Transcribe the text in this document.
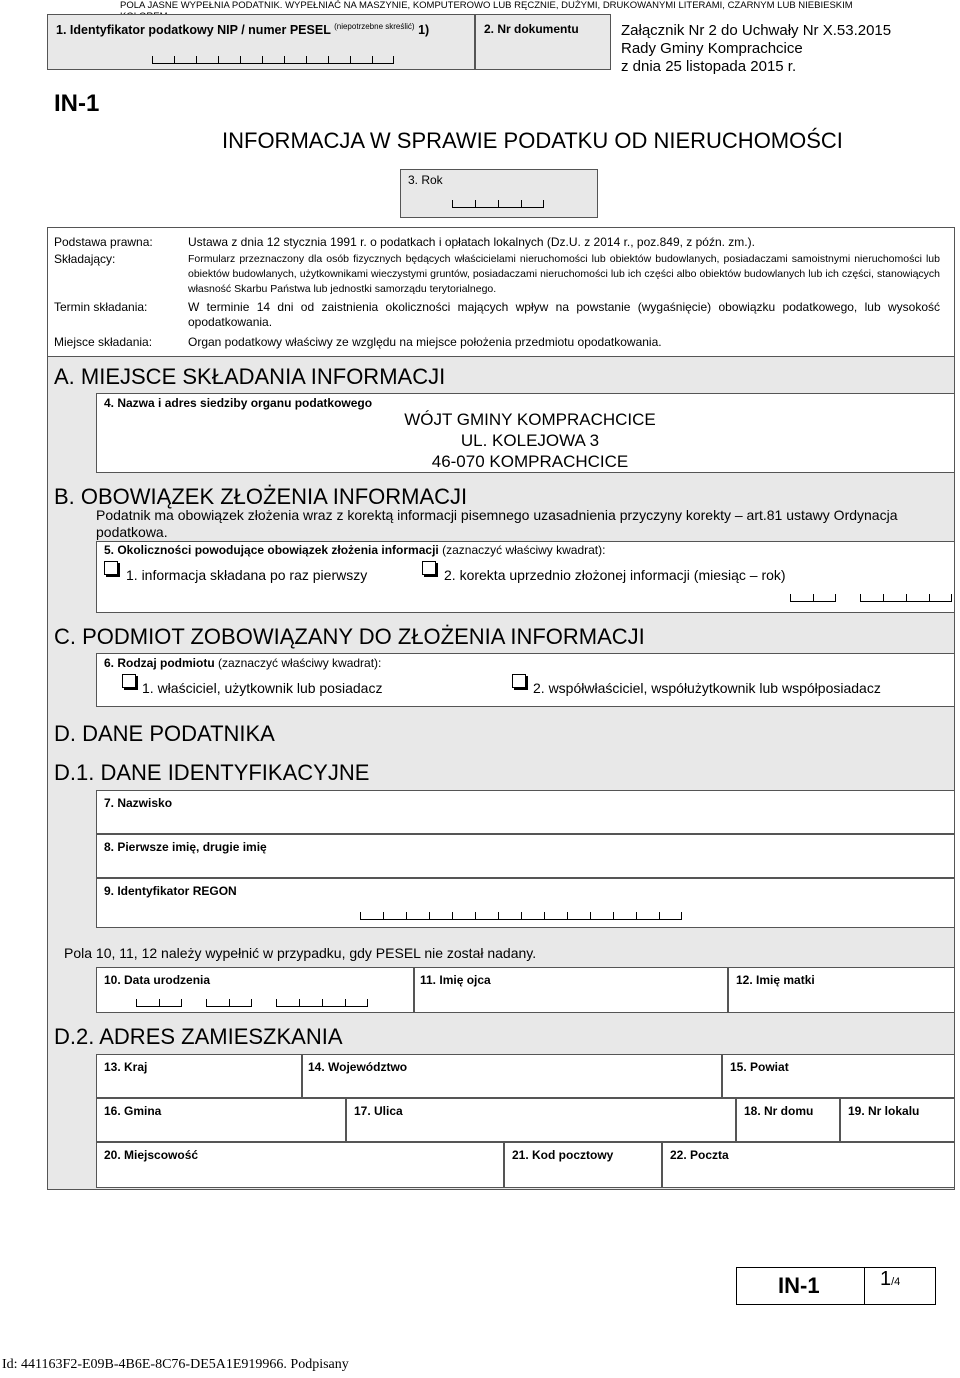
POLA JASNE WYPEŁNIA PODATNIK. WYPEŁNIAĆ NA MASZYNIE, KOMPUTEROWO LUB RĘCZNIE, DUŻYMI, DRUKOWANYMI LITERAMI, CZARNYM LUB NIEBIESKIM
1. Identyfikator podatkowy NIP / numer PESEL $^{(niepotrzebne skreślić)}$ 1)	2. Nr dokumentu	Załącznik Nr 2 do Uchwały Nr X.53.2015
Rady Gminy Komprachcice
z dnia 25 listopada 2015 r.
IN-1
INFORMACJA W SPRAWIE PODATKU OD NIERUCHOMOŚCI
3. Rok
Podstawa prawna:	Ustawa z dnia 12 stycznia 1991 r. o podatkach i opłatach lokalnych (Dz.U. z 2014 r., poz.849, z późn. zm.).
Składający:	Formularz przeznaczony dla osób fizycznych będących właścicielami nieruchomości lub obiektów budowlanych, posiadaczami samoistnymi nieruchomości lub obiektów budowlanych, użytkownikami wieczystymi gruntów, posiadaczami nieruchomości lub ich części albo obiektów budowlanych lub ich części, stanowiących własność Skarbu Państwa lub jednostki samorządu terytorialnego.
Termin składania:	W terminie 14 dni od zaistnienia okoliczności mających wpływ na powstanie (wygaśnięcie) obowiązku podatkowego, lub wysokość opodatkowania.
Miejsce składania:	Organ podatkowy właściwy ze względu na miejsce położenia przedmiotu opodatkowania.
A. MIEJSCE SKŁADANIA INFORMACJI
4. Nazwa i adres siedziby organu podatkowego
WÓJT GMINY KOMPRACHCICE
UL. KOLEJOWA 3
46-070 KOMPRACHCICE
B. OBOWIĄZEK ZŁOŻENIA INFORMACJI
Podatnik ma obowiązek złożenia wraz z korektą informacji pisemnego uzasadnienia przyczyny korekty – art.81 ustawy Ordynacja podatkowa.
5. Okoliczności powodujące obowiązek złożenia informacji (zaznaczyć właściwy kwadrat):
1. informacja składana po raz pierwszy	2. korekta uprzednio złożonej informacji (miesiąc – rok)
C. PODMIOT ZOBOWIĄZANY DO ZŁOŻENIA INFORMACJI
6. Rodzaj podmiotu (zaznaczyć właściwy kwadrat):
1. właściciel, użytkownik lub posiadacz	2. współwłaściciel, współużytkownik lub współposiadacz
D. DANE PODATNIKA
D.1. DANE IDENTYFIKACYJNE
7. Nazwisko
8. Pierwsze imię, drugie imię
9. Identyfikator REGON
Pola 10, 11, 12 należy wypełnić w przypadku, gdy PESEL nie został nadany.
10. Data urodzenia	11. Imię ojca	12. Imię matki
D.2. ADRES ZAMIESZKANIA
13. Kraj	14. Województwo	15. Powiat
16. Gmina	17. Ulica	18. Nr domu	19. Nr lokalu
20. Miejscowość	21. Kod pocztowy	22. Poczta
IN-1	1/4
Id: 441163F2-E09B-4B6E-8C76-DE5A1E919966. Podpisany
